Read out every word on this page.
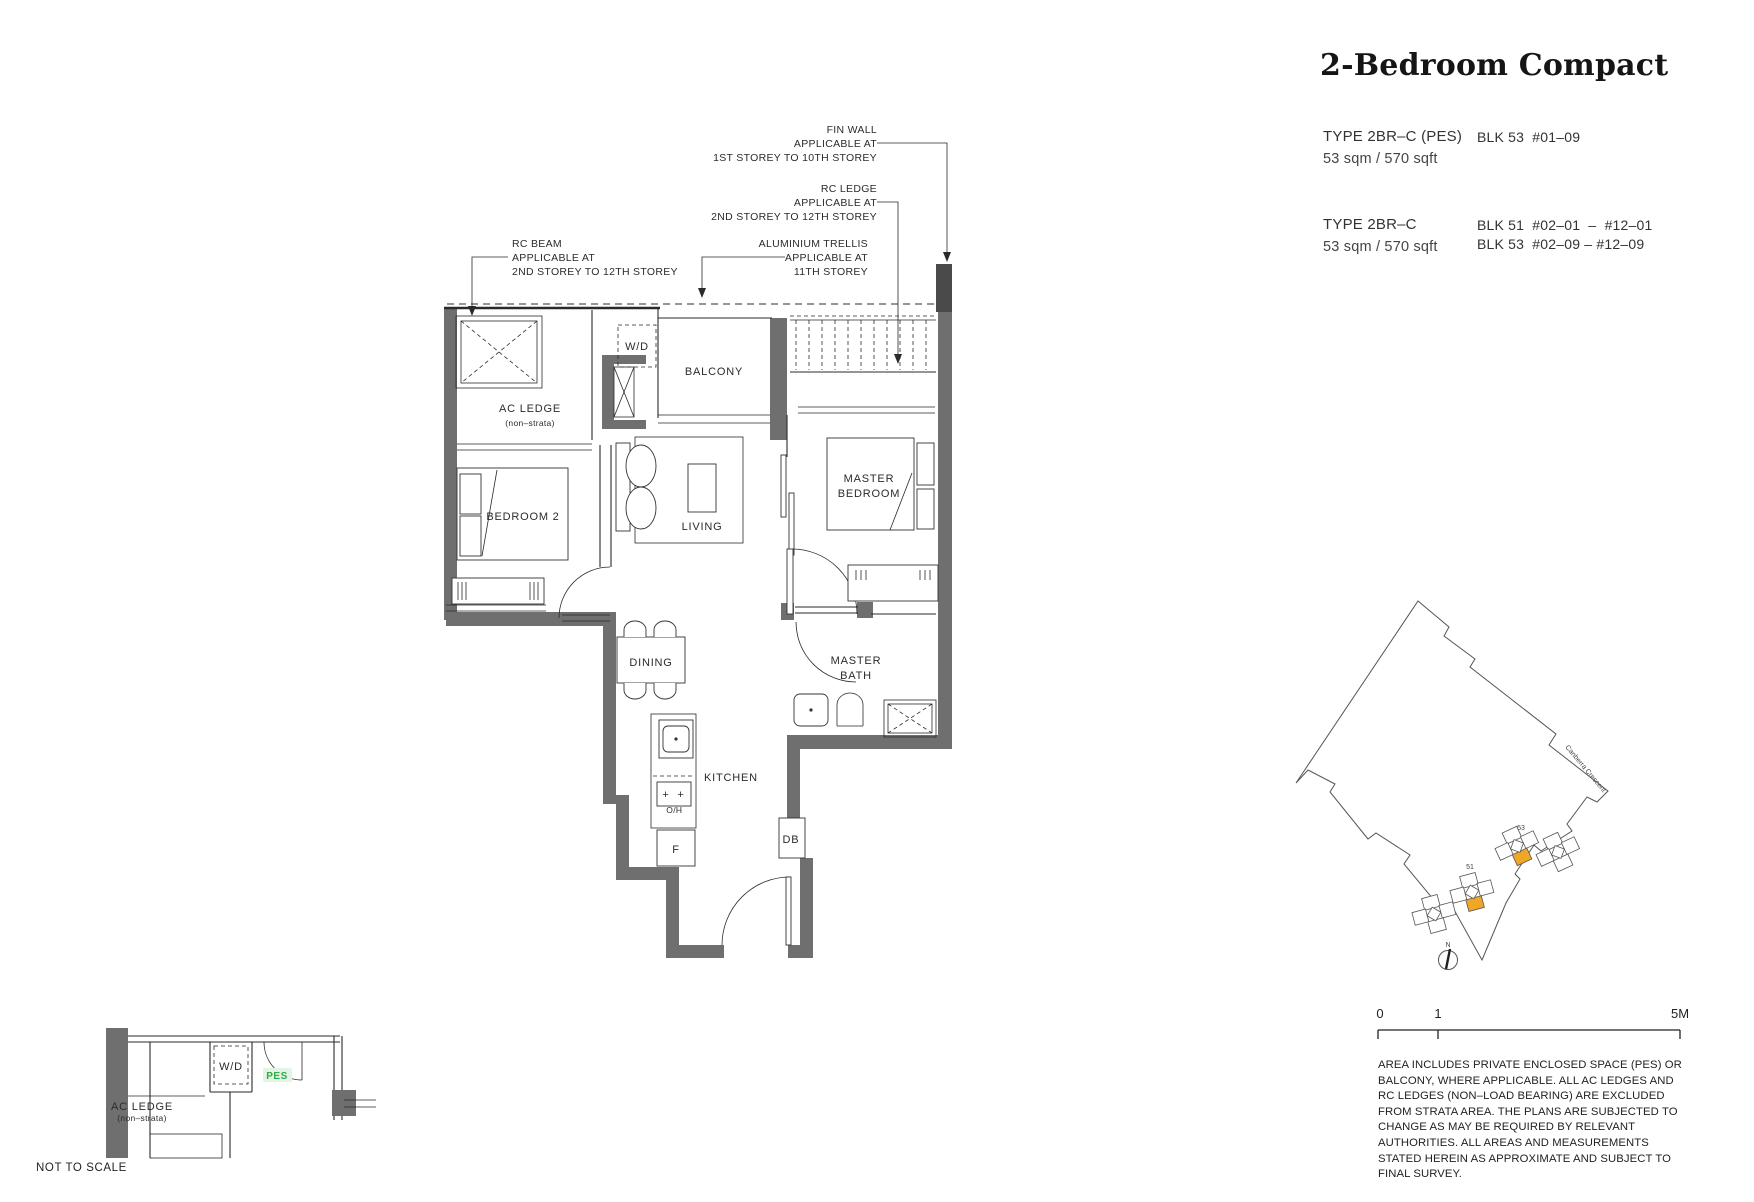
FIN WALL
APPLICABLE AT
1ST STOREY TO 10TH STOREY
RC LEDGE
APPLICABLE AT
2ND STOREY TO 12TH STOREY
RC BEAM
APPLICABLE AT
2ND STOREY TO 12TH STOREY
ALUMINIUM TRELLIS
APPLICABLE AT
11TH STOREY
+ +
H/O
AC LEDGE
(non–strata)
W/D
BALCONY
BEDROOM 2
LIVING
MASTER
BEDROOM
DINING	MASTER
BATH
KITCHEN
F
DB
PES
W/D
AC LEDGE
(non–strata)
53
51
Canberra Crescent
N
0	1	5M
2-Bedroom Compact
TYPE 2BR–C (PES)
53 sqm / 570 sqft
BLK 53  #01–09
TYPE 2BR–C
53 sqm / 570 sqft
BLK 51  #02–01  –  #12–01
BLK 53  #02–09 – #12–09
AREA INCLUDES PRIVATE ENCLOSED SPACE (PES) OR
BALCONY, WHERE APPLICABLE. ALL AC L​EDGES AND
RC LEDGES (NON–LOAD BEARING) ARE EXCLUDED
FROM STRATA AREA. THE PLANS ARE SUBJECTED TO
CHANGE AS MAY BE REQUIRED BY RELEVANT
AUTHORITIES. ALL AREAS AND MEASUREMENTS
STATED HEREIN AS APPROXIMATE AND SUBJECT TO
FINAL SURVEY.
NOT TO SCALE
